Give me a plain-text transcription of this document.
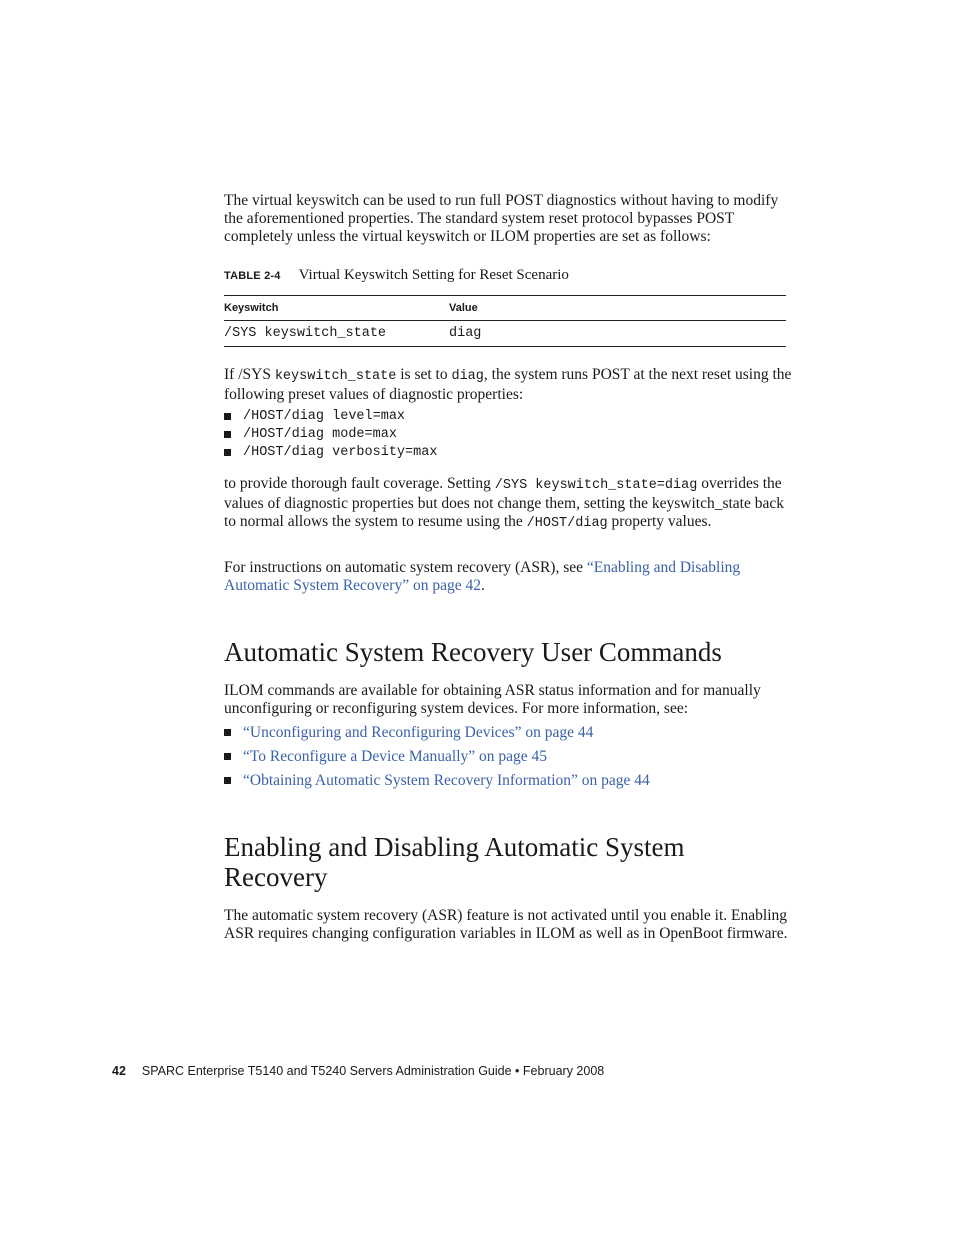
The virtual keyswitch can be used to run full POST diagnostics without having to modify the aforementioned properties. The standard system reset protocol bypasses POST completely unless the virtual keyswitch or ILOM properties are set as follows:

TABLE 2-4 Virtual Keyswitch Setting for Reset Scenario
Keyswitch	Value
/SYS keyswitch_state	diag

If /SYS keyswitch_state is set to diag, the system runs POST at the next reset using the following preset values of diagnostic properties:

/HOST/diag level=max
/HOST/diag mode=max
/HOST/diag verbosity=max

to provide thorough fault coverage. Setting /SYS keyswitch_state=diag overrides the values of diagnostic properties but does not change them, setting the keyswitch_state back to normal allows the system to resume using the /HOST/diag property values.

For instructions on automatic system recovery (ASR), see “Enabling and Disabling Automatic System Recovery” on page 42.

Automatic System Recovery User Commands

ILOM commands are available for obtaining ASR status information and for manually unconfiguring or reconfiguring system devices. For more information, see:

“Unconfiguring and Reconfiguring Devices” on page 44
“To Reconfigure a Device Manually” on page 45
“Obtaining Automatic System Recovery Information” on page 44
Enabling and Disabling Automatic System
Recovery

The automatic system recovery (ASR) feature is not activated until you enable it. Enabling ASR requires changing configuration variables in ILOM as well as in OpenBoot firmware.

42 SPARC Enterprise T5140 and T5240 Servers Administration Guide • February 2008
